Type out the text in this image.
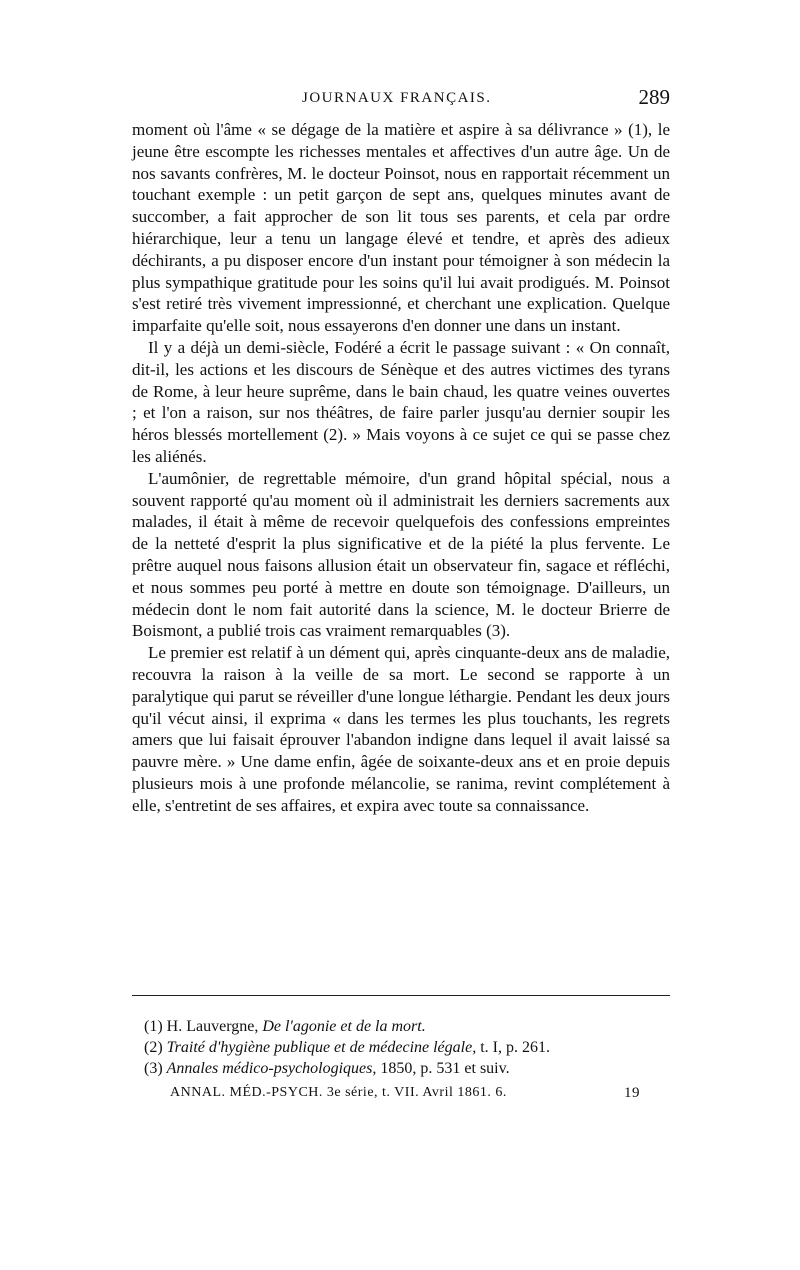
JOURNAUX FRANÇAIS.	289

moment où l'âme « se dégage de la matière et aspire à sa délivrance » (1), le jeune être escompte les richesses mentales et affectives d'un autre âge. Un de nos savants confrères, M. le docteur Poinsot, nous en rapportait récemment un touchant exemple : un petit garçon de sept ans, quelques minutes avant de succomber, a fait approcher de son lit tous ses parents, et cela par ordre hiérarchique, leur a tenu un langage élevé et tendre, et après des adieux déchirants, a pu disposer encore d'un instant pour témoigner à son médecin la plus sympathique gratitude pour les soins qu'il lui avait prodigués. M. Poinsot s'est retiré très vivement impressionné, et cherchant une explication. Quelque imparfaite qu'elle soit, nous essayerons d'en donner une dans un instant.

Il y a déjà un demi-siècle, Fodéré a écrit le passage suivant : « On connaît, dit-il, les actions et les discours de Sénèque et des autres victimes des tyrans de Rome, à leur heure suprême, dans le bain chaud, les quatre veines ouvertes ; et l'on a raison, sur nos théâtres, de faire parler jusqu'au dernier soupir les héros blessés mortellement (2). » Mais voyons à ce sujet ce qui se passe chez les aliénés.

L'aumônier, de regrettable mémoire, d'un grand hôpital spécial, nous a souvent rapporté qu'au moment où il administrait les derniers sacrements aux malades, il était à même de recevoir quelquefois des confessions empreintes de la netteté d'esprit la plus significative et de la piété la plus fervente. Le prêtre auquel nous faisons allusion était un observateur fin, sagace et réfléchi, et nous sommes peu porté à mettre en doute son témoignage. D'ailleurs, un médecin dont le nom fait autorité dans la science, M. le docteur Brierre de Boismont, a publié trois cas vraiment remarquables (3).

Le premier est relatif à un dément qui, après cinquante-deux ans de maladie, recouvra la raison à la veille de sa mort. Le second se rapporte à un paralytique qui parut se réveiller d'une longue léthargie. Pendant les deux jours qu'il vécut ainsi, il exprima « dans les termes les plus touchants, les regrets amers que lui faisait éprouver l'abandon indigne dans lequel il avait laissé sa pauvre mère. » Une dame enfin, âgée de soixante-deux ans et en proie depuis plusieurs mois à une profonde mélancolie, se ranima, revint complétement à elle, s'entretint de ses affaires, et expira avec toute sa connaissance.

(1) H. Lauvergne, De l'agonie et de la mort.
(2) Traité d'hygiène publique et de médecine légale, t. I, p. 261.
(3) Annales médico-psychologiques, 1850, p. 531 et suiv.
ANNAL. MÉD.-PSYCH. 3e série, t. VII. Avril 1861. 6.	19
